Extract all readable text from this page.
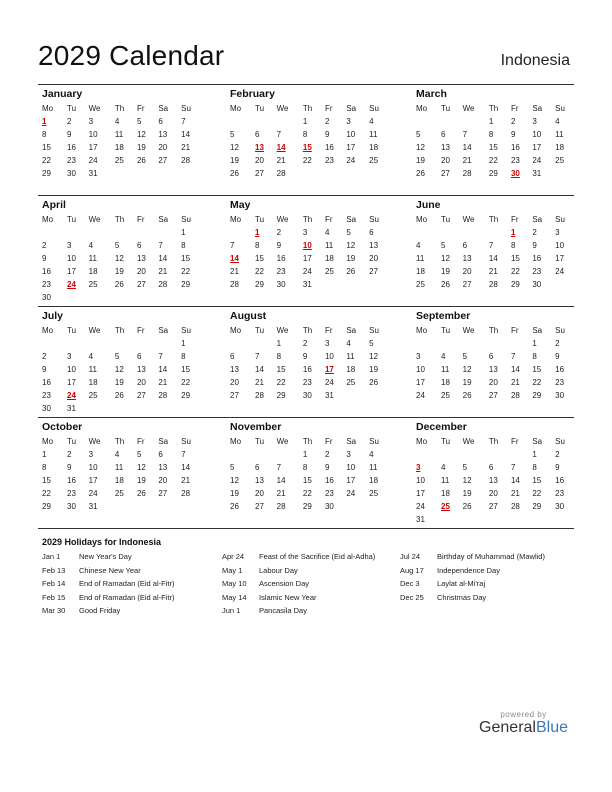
2029 Calendar	Indonesia
January
Mo	Tu	We	Th	Fr	Sa	Su
1	2	3	4	5	6	7
8	9	10	11	12	13	14
15	16	17	18	19	20	21
22	23	24	25	26	27	28
29	30	31				
February
Mo	Tu	We	Th	Fr	Sa	Su
			1	2	3	4
5	6	7	8	9	10	11
12	13	14	15	16	17	18
19	20	21	22	23	24	25
26	27	28				
March
Mo	Tu	We	Th	Fr	Sa	Su
			1	2	3	4
5	6	7	8	9	10	11
12	13	14	15	16	17	18
19	20	21	22	23	24	25
26	27	28	29	30	31	
April
Mo	Tu	We	Th	Fr	Sa	Su
						1
2	3	4	5	6	7	8
9	10	11	12	13	14	15
16	17	18	19	20	21	22
23	24	25	26	27	28	29
30						
May
Mo	Tu	We	Th	Fr	Sa	Su
	1	2	3	4	5	6
7	8	9	10	11	12	13
14	15	16	17	18	19	20
21	22	23	24	25	26	27
28	29	30	31			
June
Mo	Tu	We	Th	Fr	Sa	Su
				1	2	3
4	5	6	7	8	9	10
11	12	13	14	15	16	17
18	19	20	21	22	23	24
25	26	27	28	29	30	
July
Mo	Tu	We	Th	Fr	Sa	Su
						1
2	3	4	5	6	7	8
9	10	11	12	13	14	15
16	17	18	19	20	21	22
23	24	25	26	27	28	29
30	31					
August
Mo	Tu	We	Th	Fr	Sa	Su
		1	2	3	4	5
6	7	8	9	10	11	12
13	14	15	16	17	18	19
20	21	22	23	24	25	26
27	28	29	30	31		
September
Mo	Tu	We	Th	Fr	Sa	Su
					1	2
3	4	5	6	7	8	9
10	11	12	13	14	15	16
17	18	19	20	21	22	23
24	25	26	27	28	29	30
October
Mo	Tu	We	Th	Fr	Sa	Su
1	2	3	4	5	6	7
8	9	10	11	12	13	14
15	16	17	18	19	20	21
22	23	24	25	26	27	28
29	30	31				
November
Mo	Tu	We	Th	Fr	Sa	Su
			1	2	3	4
5	6	7	8	9	10	11
12	13	14	15	16	17	18
19	20	21	22	23	24	25
26	27	28	29	30		
December
Mo	Tu	We	Th	Fr	Sa	Su
					1	2
3	4	5	6	7	8	9
10	11	12	13	14	15	16
17	18	19	20	21	22	23
24	25	26	27	28	29	30
31						
2029 Holidays for Indonesia
Jan 1 New Year's Day
Feb 13 Chinese New Year
Feb 14 End of Ramadan (Eid al-Fitr)
Feb 15 End of Ramadan (Eid al-Fitr)
Mar 30 Good Friday
Apr 24 Feast of the Sacrifice (Eid al-Adha)
May 1 Labour Day
May 10 Ascension Day
May 14 Islamic New Year
Jun 1 Pancasila Day
Jul 24 Birthday of Muhammad (Mawlid)
Aug 17 Independence Day
Dec 3 Laylat al-Mi'raj
Dec 25 Christmas Day
powered by
GeneralBlue
